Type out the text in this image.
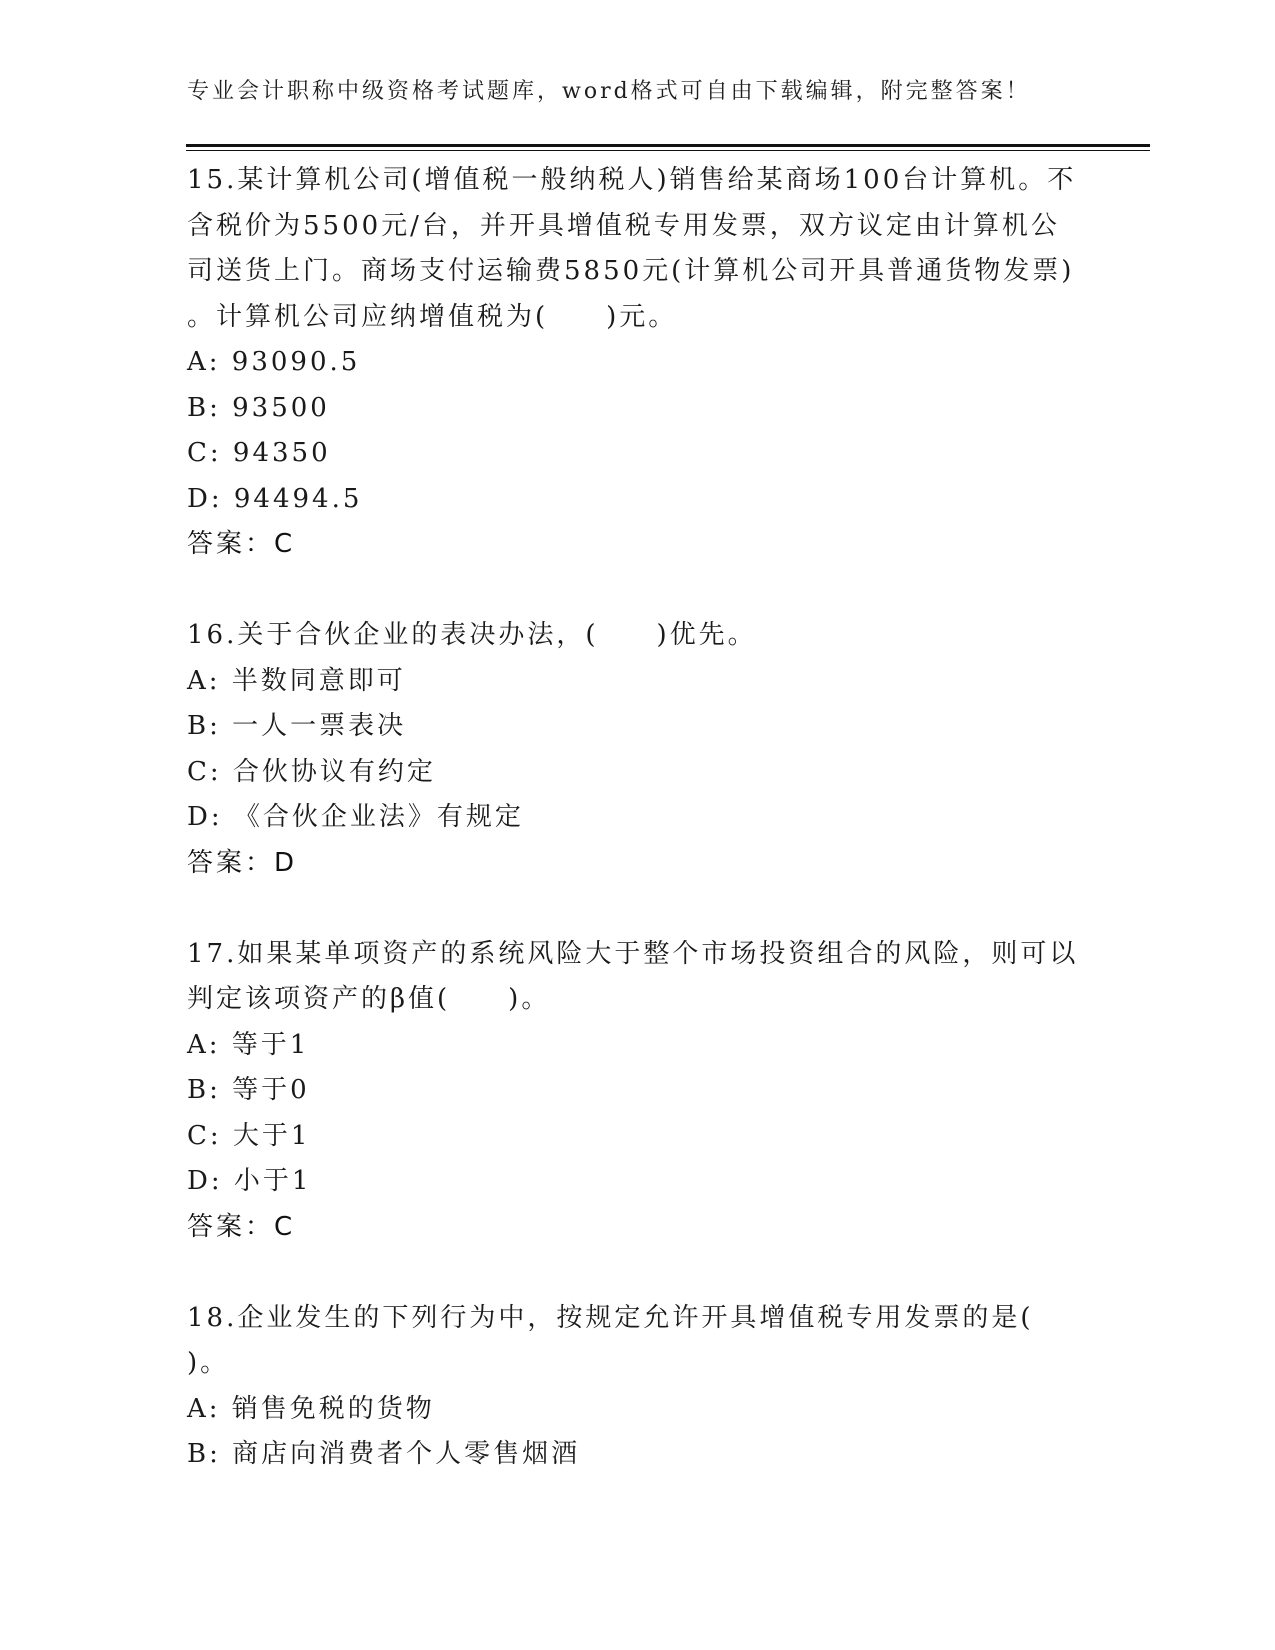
专业会计职称中级资格考试题库，word格式可自由下载编辑，附完整答案！

15.某计算机公司(增值税一般纳税人)销售给某商场100台计算机。不

含税价为5500元/台，并开具增值税专用发票，双方议定由计算机公

司送货上门。商场支付运输费5850元(计算机公司开具普通货物发票)

。计算机公司应纳增值税为(　　)元。

A: 93090.5

B: 93500

C: 94350

D: 94494.5

答案：C

16.关于合伙企业的表决办法，(　　)优先。

A: 半数同意即可

B: 一人一票表决

C: 合伙协议有约定

D: 《合伙企业法》有规定

答案：D

17.如果某单项资产的系统风险大于整个市场投资组合的风险，则可以

判定该项资产的β值(　　)。

A: 等于1

B: 等于0

C: 大于1

D: 小于1

答案：C

18.企业发生的下列行为中，按规定允许开具增值税专用发票的是(

)。

A: 销售免税的货物

B: 商店向消费者个人零售烟酒
